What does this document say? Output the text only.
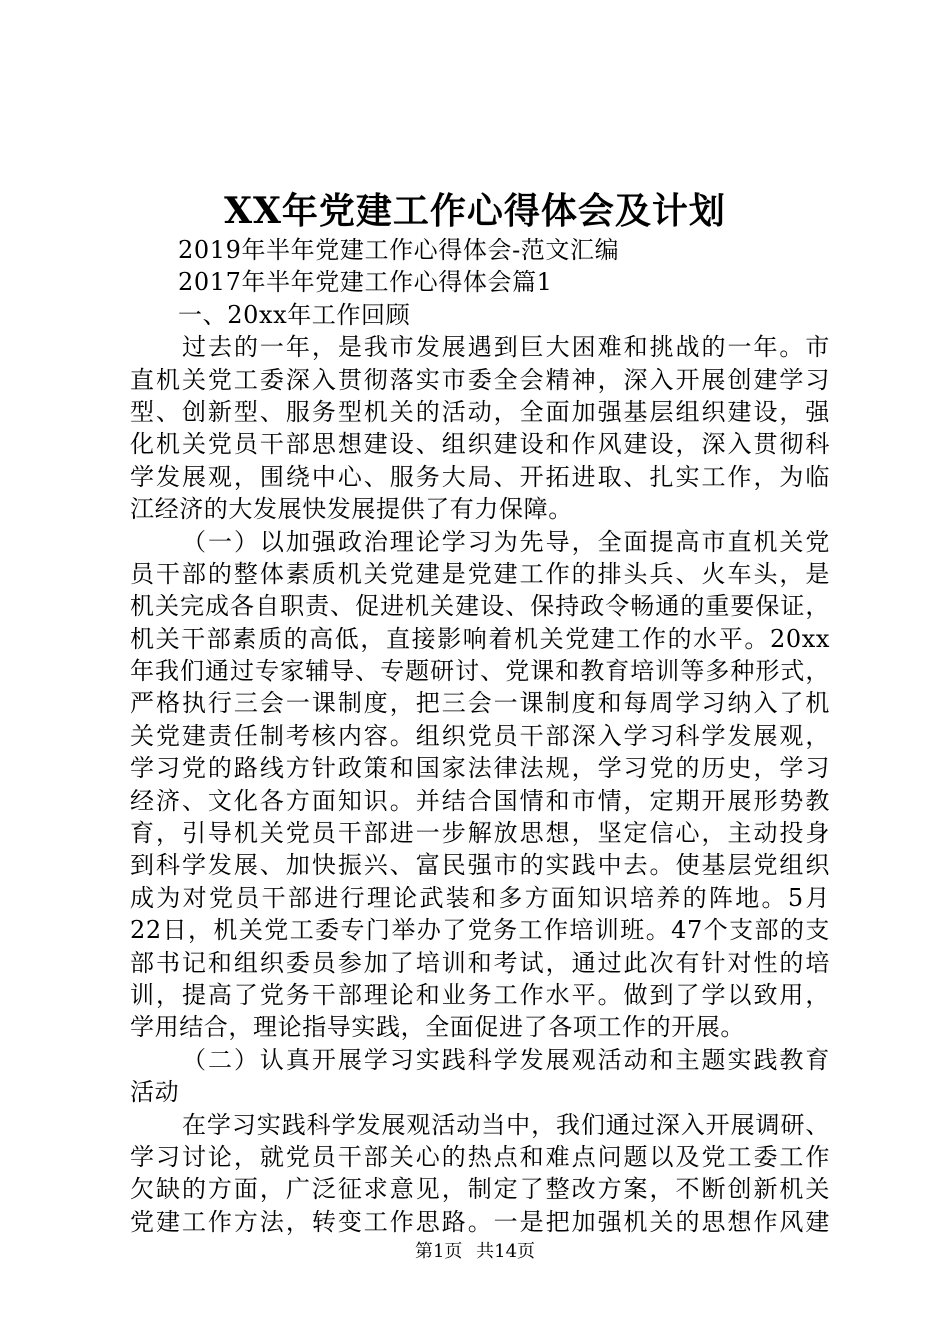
XX年党建工作心得体会及计划
2019年半年党建工作心得体会-范文汇编
2017年半年党建工作心得体会篇1
一、20xx年工作回顾
过去的一年，是我市发展遇到巨大困难和挑战的一年。市
直机关党工委深入贯彻落实市委全会精神，深入开展创建学习
型、创新型、服务型机关的活动，全面加强基层组织建设，强
化机关党员干部思想建设、组织建设和作风建设，深入贯彻科
学发展观，围绕中心、服务大局、开拓进取、扎实工作，为临
江经济的大发展快发展提供了有力保障。
（一）以加强政治理论学习为先导，全面提高市直机关党
员干部的整体素质机关党建是党建工作的排头兵、火车头，是
机关完成各自职责、促进机关建设、保持政令畅通的重要保证，
机关干部素质的高低，直接影响着机关党建工作的水平。20xx
年我们通过专家辅导、专题研讨、党课和教育培训等多种形式，
严格执行三会一课制度，把三会一课制度和每周学习纳入了机
关党建责任制考核内容。组织党员干部深入学习科学发展观，
学习党的路线方针政策和国家法律法规，学习党的历史，学习
经济、文化各方面知识。并结合国情和市情，定期开展形势教
育，引导机关党员干部进一步解放思想，坚定信心，主动投身
到科学发展、加快振兴、富民强市的实践中去。使基层党组织
成为对党员干部进行理论武装和多方面知识培养的阵地。5月
22日，机关党工委专门举办了党务工作培训班。47个支部的支
部书记和组织委员参加了培训和考试，通过此次有针对性的培
训，提高了党务干部理论和业务工作水平。做到了学以致用，
学用结合，理论指导实践，全面促进了各项工作的开展。
（二）认真开展学习实践科学发展观活动和主题实践教育
活动
在学习实践科学发展观活动当中，我们通过深入开展调研、
学习讨论，就党员干部关心的热点和难点问题以及党工委工作
欠缺的方面，广泛征求意见，制定了整改方案，不断创新机关
党建工作方法，转变工作思路。一是把加强机关的思想作风建
第1页 共14页
